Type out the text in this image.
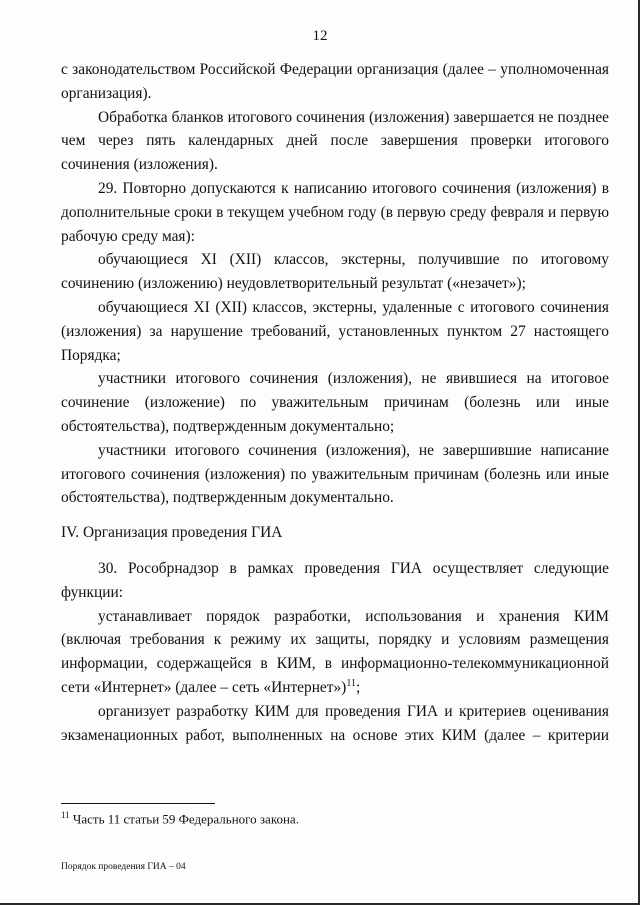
12

с законодательством Российской Федерации организация (далее – уполномоченная организация).

Обработка бланков итогового сочинения (изложения) завершается не позднее чем через пять календарных дней после завершения проверки итогового сочинения (изложения).

29. Повторно допускаются к написанию итогового сочинения (изложения) в дополнительные сроки в текущем учебном году (в первую среду февраля и первую рабочую среду мая):

обучающиеся XI (XII) классов, экстерны, получившие по итоговому сочинению (изложению) неудовлетворительный результат («незачет»);

обучающиеся XI (XII) классов, экстерны, удаленные с итогового сочинения (изложения) за нарушение требований, установленных пунктом 27 настоящего Порядка;

участники итогового сочинения (изложения), не явившиеся на итоговое сочинение (изложение) по уважительным причинам (болезнь или иные обстоятельства), подтвержденным документально;

участники итогового сочинения (изложения), не завершившие написание итогового сочинения (изложения) по уважительным причинам (болезнь или иные обстоятельства), подтвержденным документально.

IV. Организация проведения ГИА

30. Рособрнадзор в рамках проведения ГИА осуществляет следующие функции:

устанавливает порядок разработки, использования и хранения КИМ (включая требования к режиму их защиты, порядку и условиям размещения информации, содержащейся в КИМ, в информационно-телекоммуникационной сети «Интернет» (далее – сеть «Интернет»)$^{11}$;

организует разработку КИМ для проведения ГИА и критериев оценивания экзаменационных работ, выполненных на основе этих КИМ (далее – критерии

$^{11}$ Часть 11 статьи 59 Федерального закона.
Порядок проведения ГИА – 04
